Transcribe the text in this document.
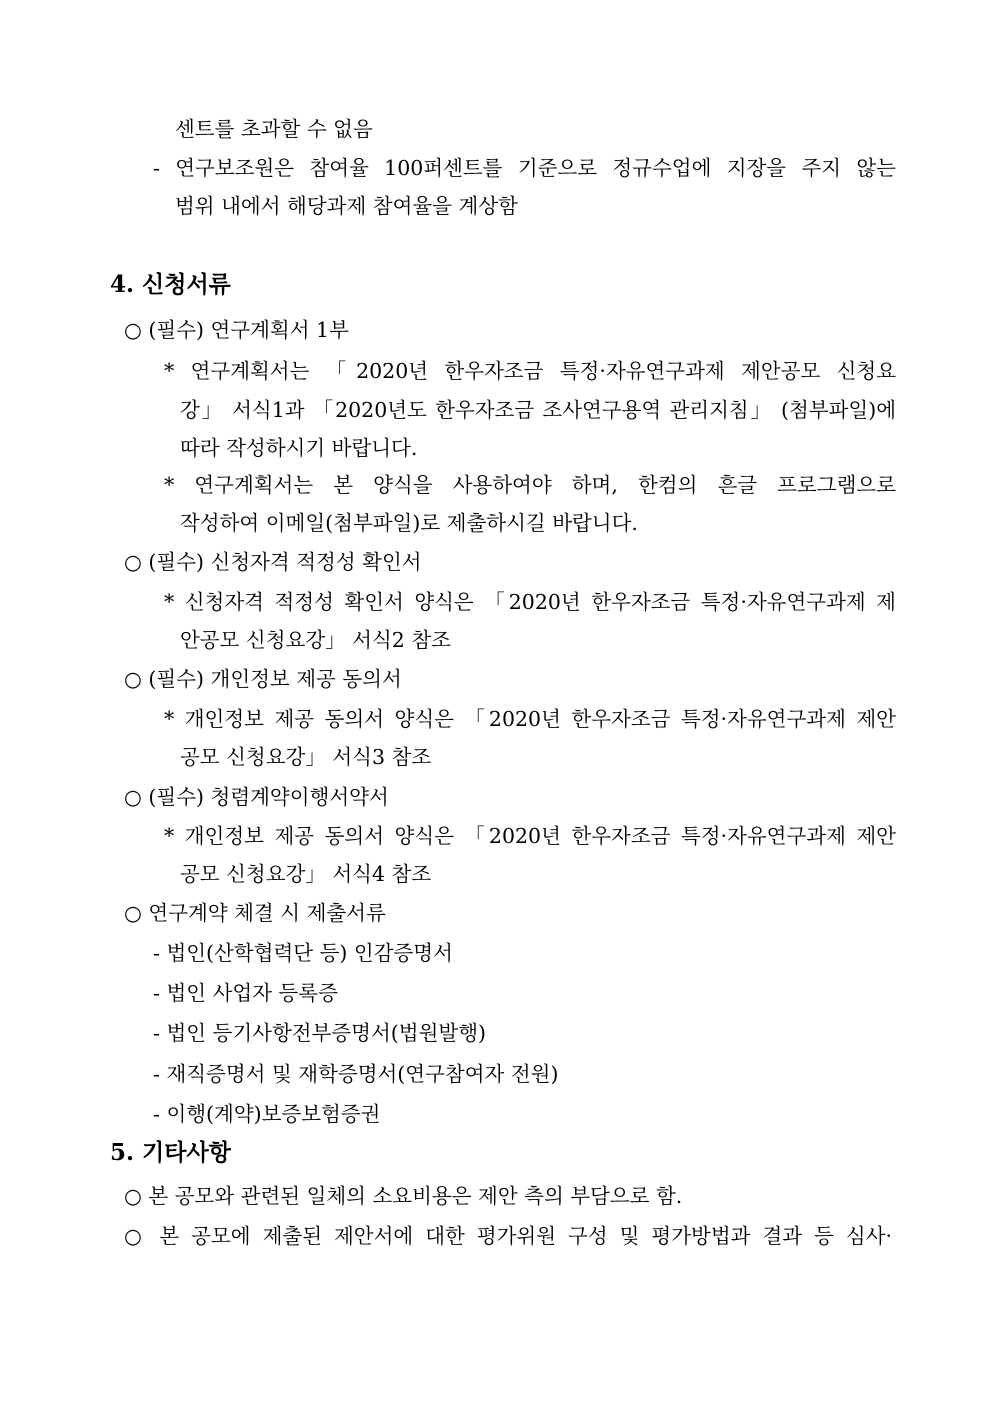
센트를 초과할 수 없음
- 연구보조원은 참여율 100퍼센트를 기준으로 정규수업에 지장을 주지 않는
범위 내에서 해당과제 참여율을 계상함
4. 신청서류
○ (필수) 연구계획서 1부
* 연구계획서는 「2020년 한우자조금 특정·자유연구과제 제안공모 신청요
강」 서식1과 「2020년도 한우자조금 조사연구용역 관리지침」 (첨부파일)에
따라 작성하시기 바랍니다.
* 연구계획서는 본 양식을 사용하여야 하며, 한컴의 흔글 프로그램으로
작성하여 이메일(첨부파일)로 제출하시길 바랍니다.
○ (필수) 신청자격 적정성 확인서
* 신청자격 적정성 확인서 양식은 「2020년 한우자조금 특정·자유연구과제 제
안공모 신청요강」 서식2 참조
○ (필수) 개인정보 제공 동의서
* 개인정보 제공 동의서 양식은 「2020년 한우자조금 특정·자유연구과제 제안
공모 신청요강」 서식3 참조
○ (필수) 청렴계약이행서약서
* 개인정보 제공 동의서 양식은 「2020년 한우자조금 특정·자유연구과제 제안
공모 신청요강」 서식4 참조
○ 연구계약 체결 시 제출서류
- 법인(산학협력단 등) 인감증명서
- 법인 사업자 등록증
- 법인 등기사항전부증명서(법원발행)
- 재직증명서 및 재학증명서(연구참여자 전원)
- 이행(계약)보증보험증권
5. 기타사항
○ 본 공모와 관련된 일체의 소요비용은 제안 측의 부담으로 함.
○ 본 공모에 제출된 제안서에 대한 평가위원 구성 및 평가방법과 결과 등 심사·
